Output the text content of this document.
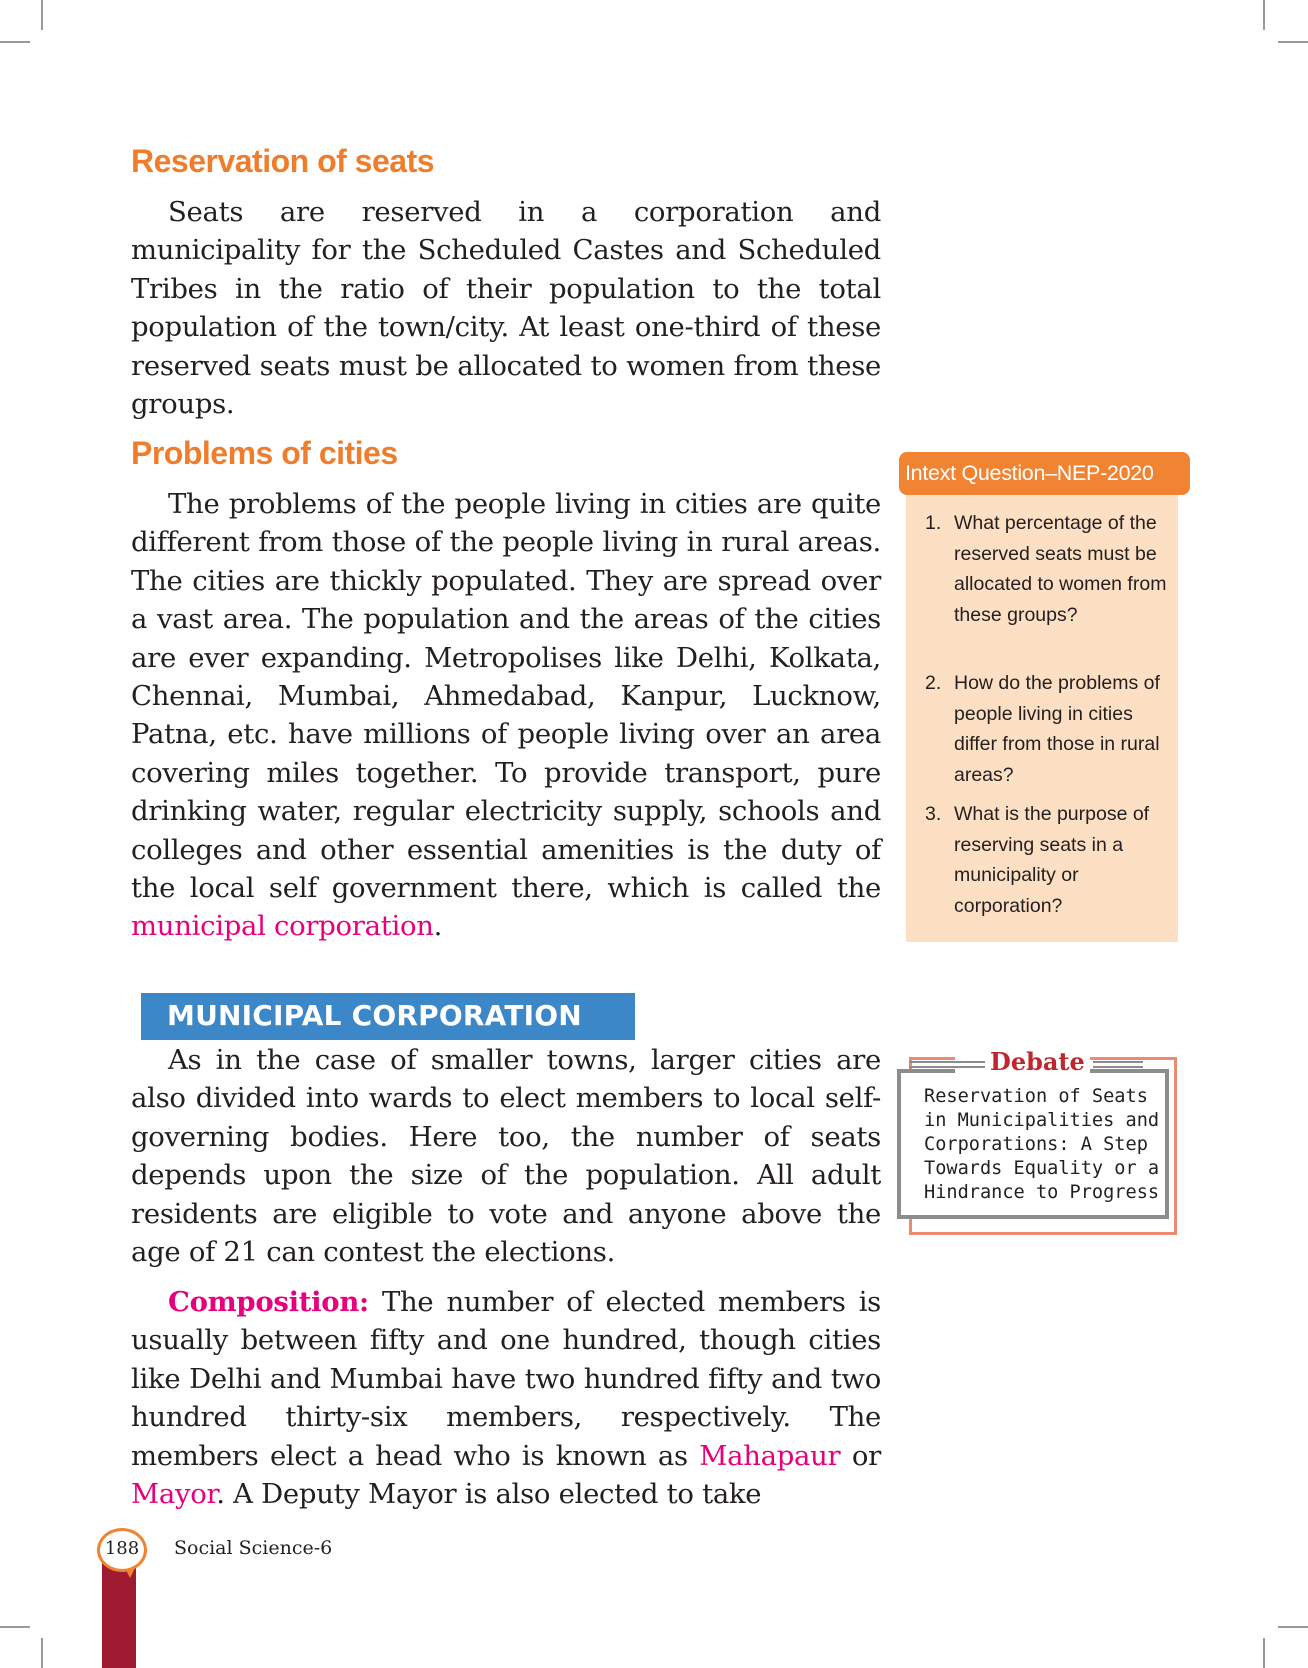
Reservation of seats

Seats are reserved in a corporation and municipality for the Scheduled Castes and Scheduled Tribes in the ratio of their population to the total population of the town/city. At least one-third of these reserved seats must be allocated to women from these groups.

Problems of cities

The problems of the people living in cities are quite different from those of the people living in rural areas. The cities are thickly populated. They are spread over a vast area. The population and the areas of the cities are ever expanding. Metropolises like Delhi, Kolkata, Chennai, Mumbai, Ahmedabad, Kanpur, Lucknow, Patna, etc. have millions of people living over an area covering miles together. To provide transport, pure drinking water, regular electricity supply, schools and colleges and other essential amenities is the duty of the local self government there, which is called the municipal corporation.

MUNICIPAL CORPORATION

As in the case of smaller towns, larger cities are also divided into wards to elect members to local self-governing bodies. Here too, the number of seats depends upon the size of the population. All adult residents are eligible to vote and anyone above the age of 21 can contest the elections.

Composition: The number of elected members is usually between fifty and one hundred, though cities like Delhi and Mumbai have two hundred fifty and two hundred thirty-six members, respectively. The members elect a head who is known as Mahapaur or Mayor. A Deputy Mayor is also elected to take

Intext Question–NEP-2020
1. What percentage of the reserved seats must be allocated to women from these groups?
2. How do the problems of people living in cities differ from those in rural areas?
3. What is the purpose of reserving seats in a municipality or corporation?
Debate
Reservation of Seats in Municipalities and Corporations: A Step Towards Equality or a Hindrance to Progress
188	Social Science-6
